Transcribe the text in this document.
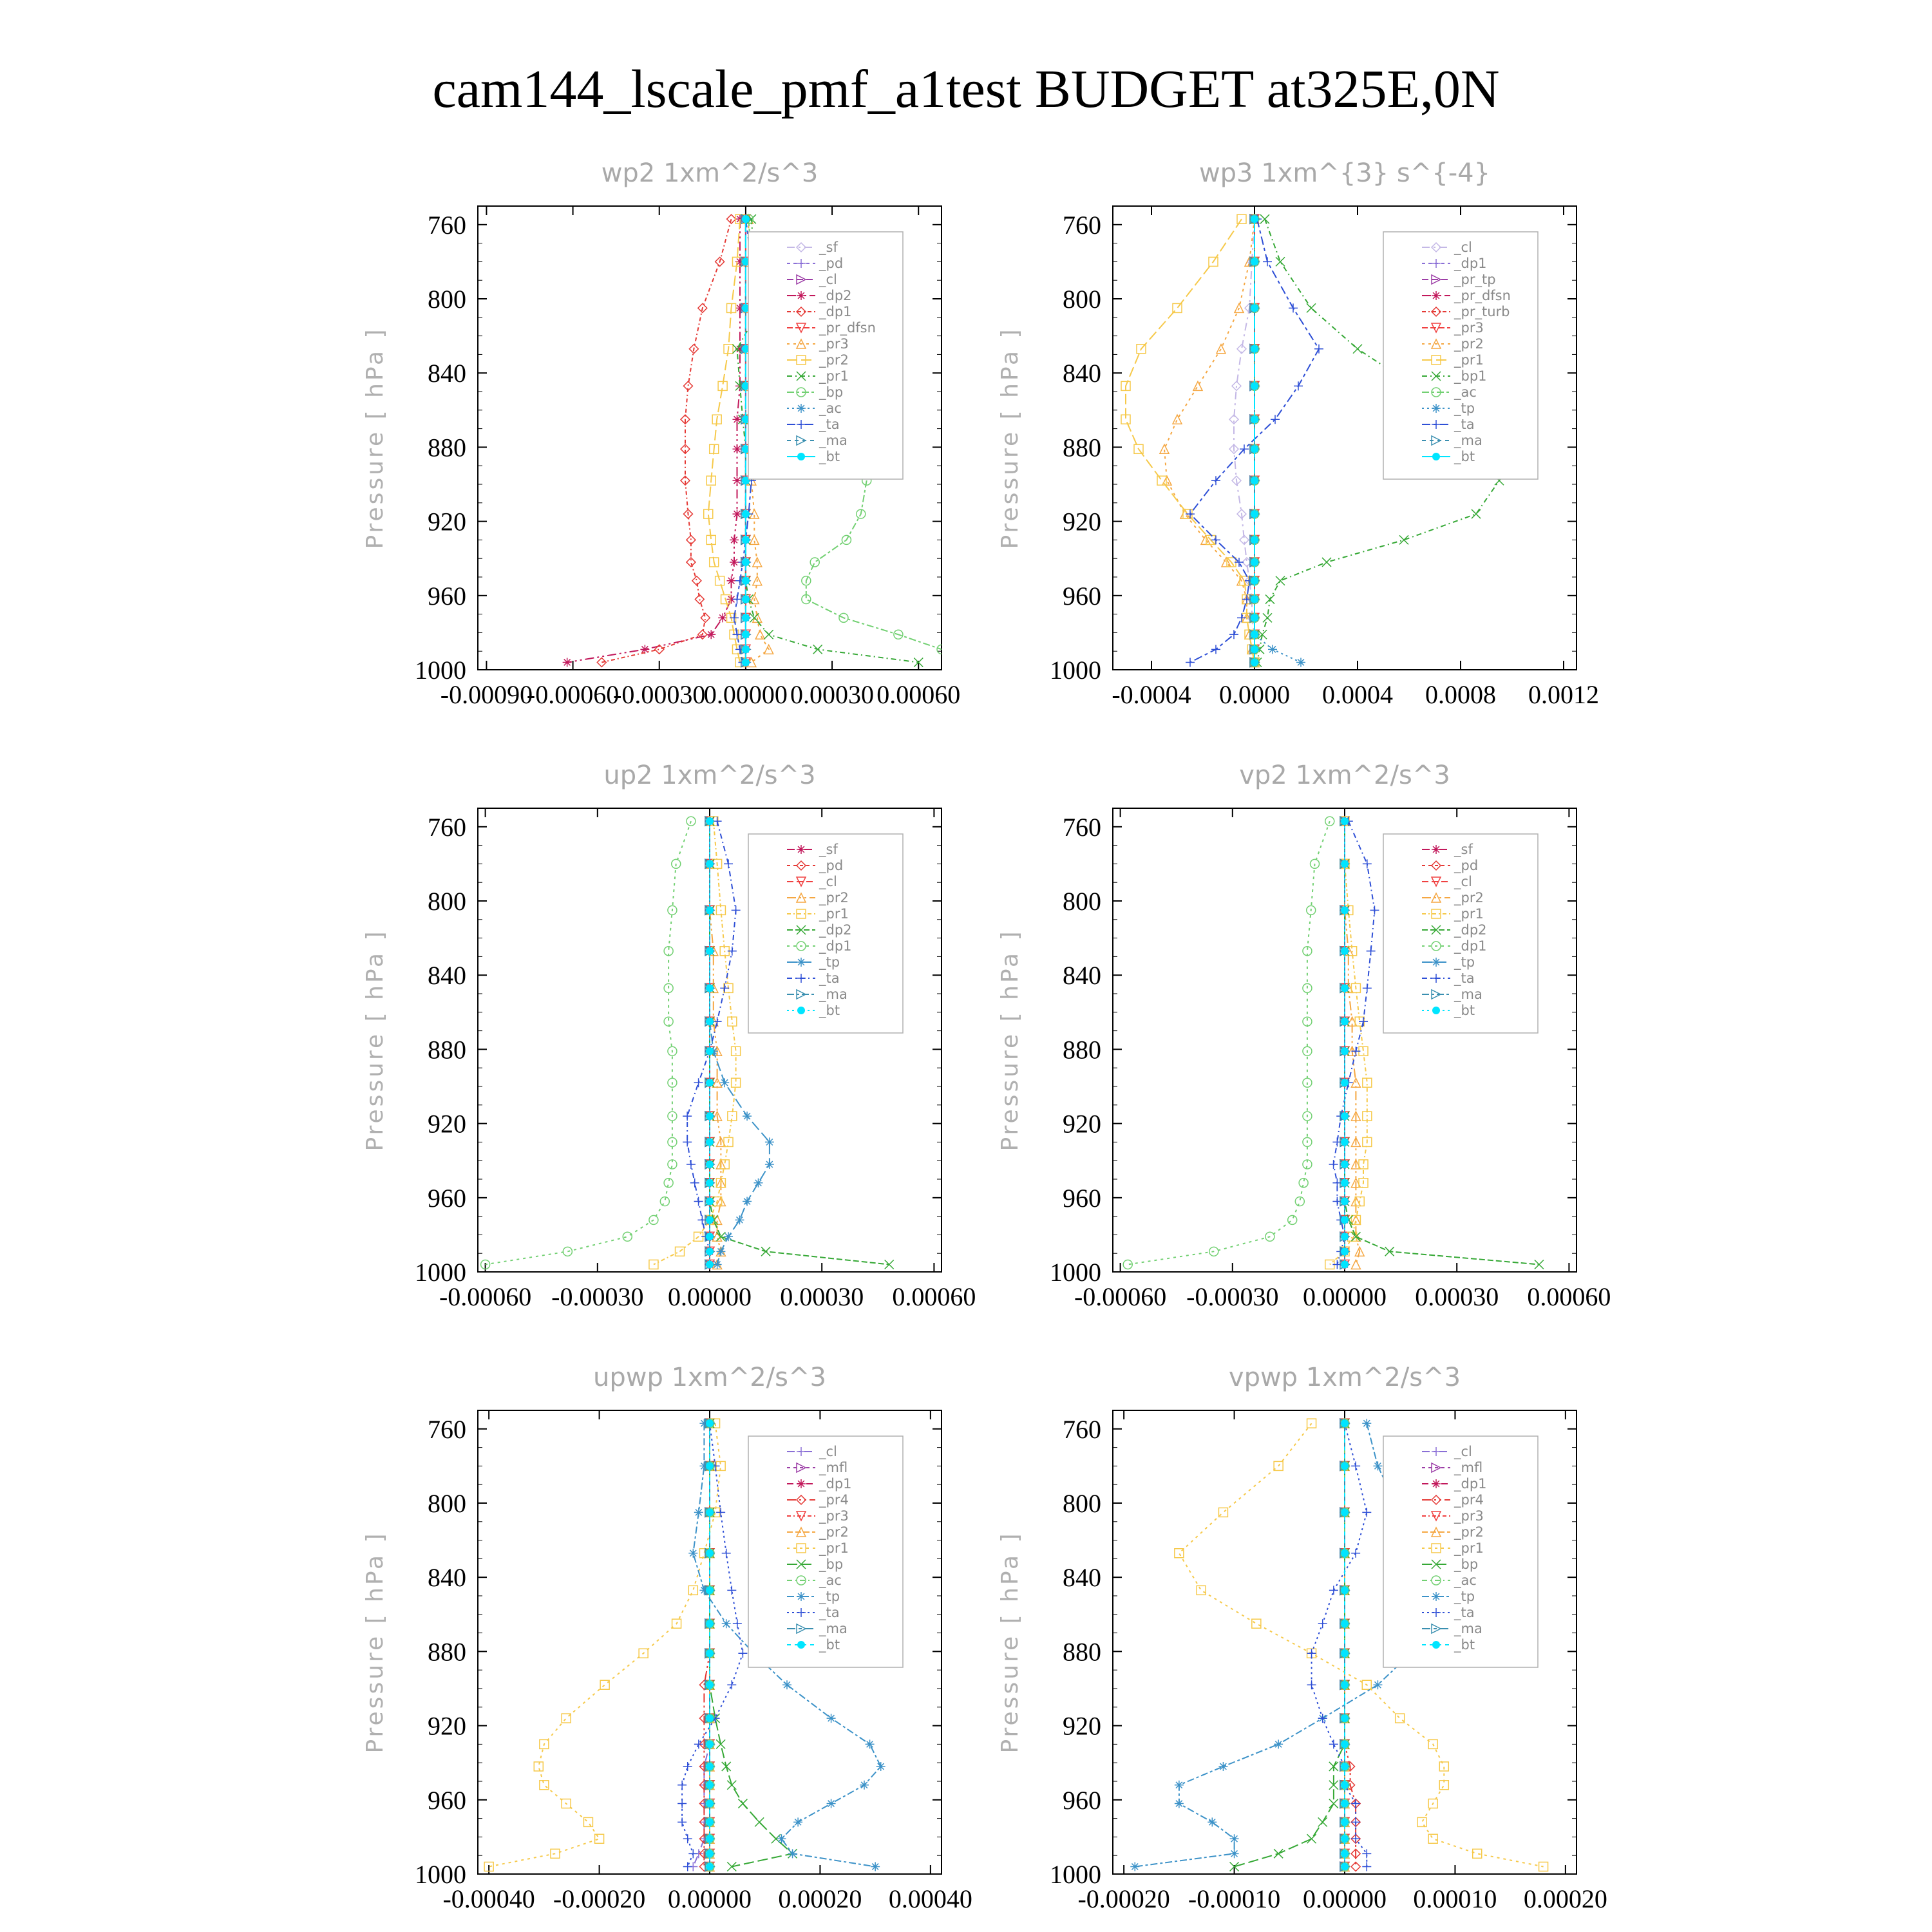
cam144_lscale_pmf_a1test BUDGET at325E,0N
wp2 1xm^2/s^3
Pressure [ hPa ]
760
800
840
880
920
960
1000
-0.00090
-0.00060
-0.00030
0.00000 0.00030 0.00060
_sf
_pd
_cl
_dp2
_dp1
_pr_dfsn
_pr3
_pr2
_pr1
_bp
_ac
_ta
_ma
_bt
wp3 1xm^{3} s^{-4}
Pressure [ hPa ]
760
800
840
880
920
960
1000
-0.0004 0.0000 0.0004 0.0008 0.0012
_cl
_dp1
_pr_tp
_pr_dfsn
_pr_turb
_pr3
_pr2
_pr1
_bp1
_ac
_tp
_ta
_ma
_bt
up2 1xm^2/s^3
Pressure [ hPa ]
760
800
840
880
920
960
1000
-0.00060 -0.00030 0.00000 0.00030 0.00060
_sf
_pd
_cl
_pr2
_pr1
_dp2
_dp1
_tp
_ta
_ma
_bt
vp2 1xm^2/s^3
Pressure [ hPa ]
760
800
840
880
920
960
1000
-0.00060 -0.00030 0.00000 0.00030 0.00060
_sf
_pd
_cl
_pr2
_pr1
_dp2
_dp1
_tp
_ta
_ma
_bt
upwp 1xm^2/s^3
Pressure [ hPa ]
760
800
840
880
920
960
1000
-0.00040 -0.00020 0.00000 0.00020 0.00040
_cl
_mfl
_dp1
_pr4
_pr3
_pr2
_pr1
_bp
_ac
_tp
_ta
_ma
_bt
vpwp 1xm^2/s^3
Pressure [ hPa ]
760
800
840
880
920
960
1000
-0.00020 -0.00010 0.00000 0.00010 0.00020
_cl
_mfl
_dp1
_pr4
_pr3
_pr2
_pr1
_bp
_ac
_tp
_ta
_ma
_bt
